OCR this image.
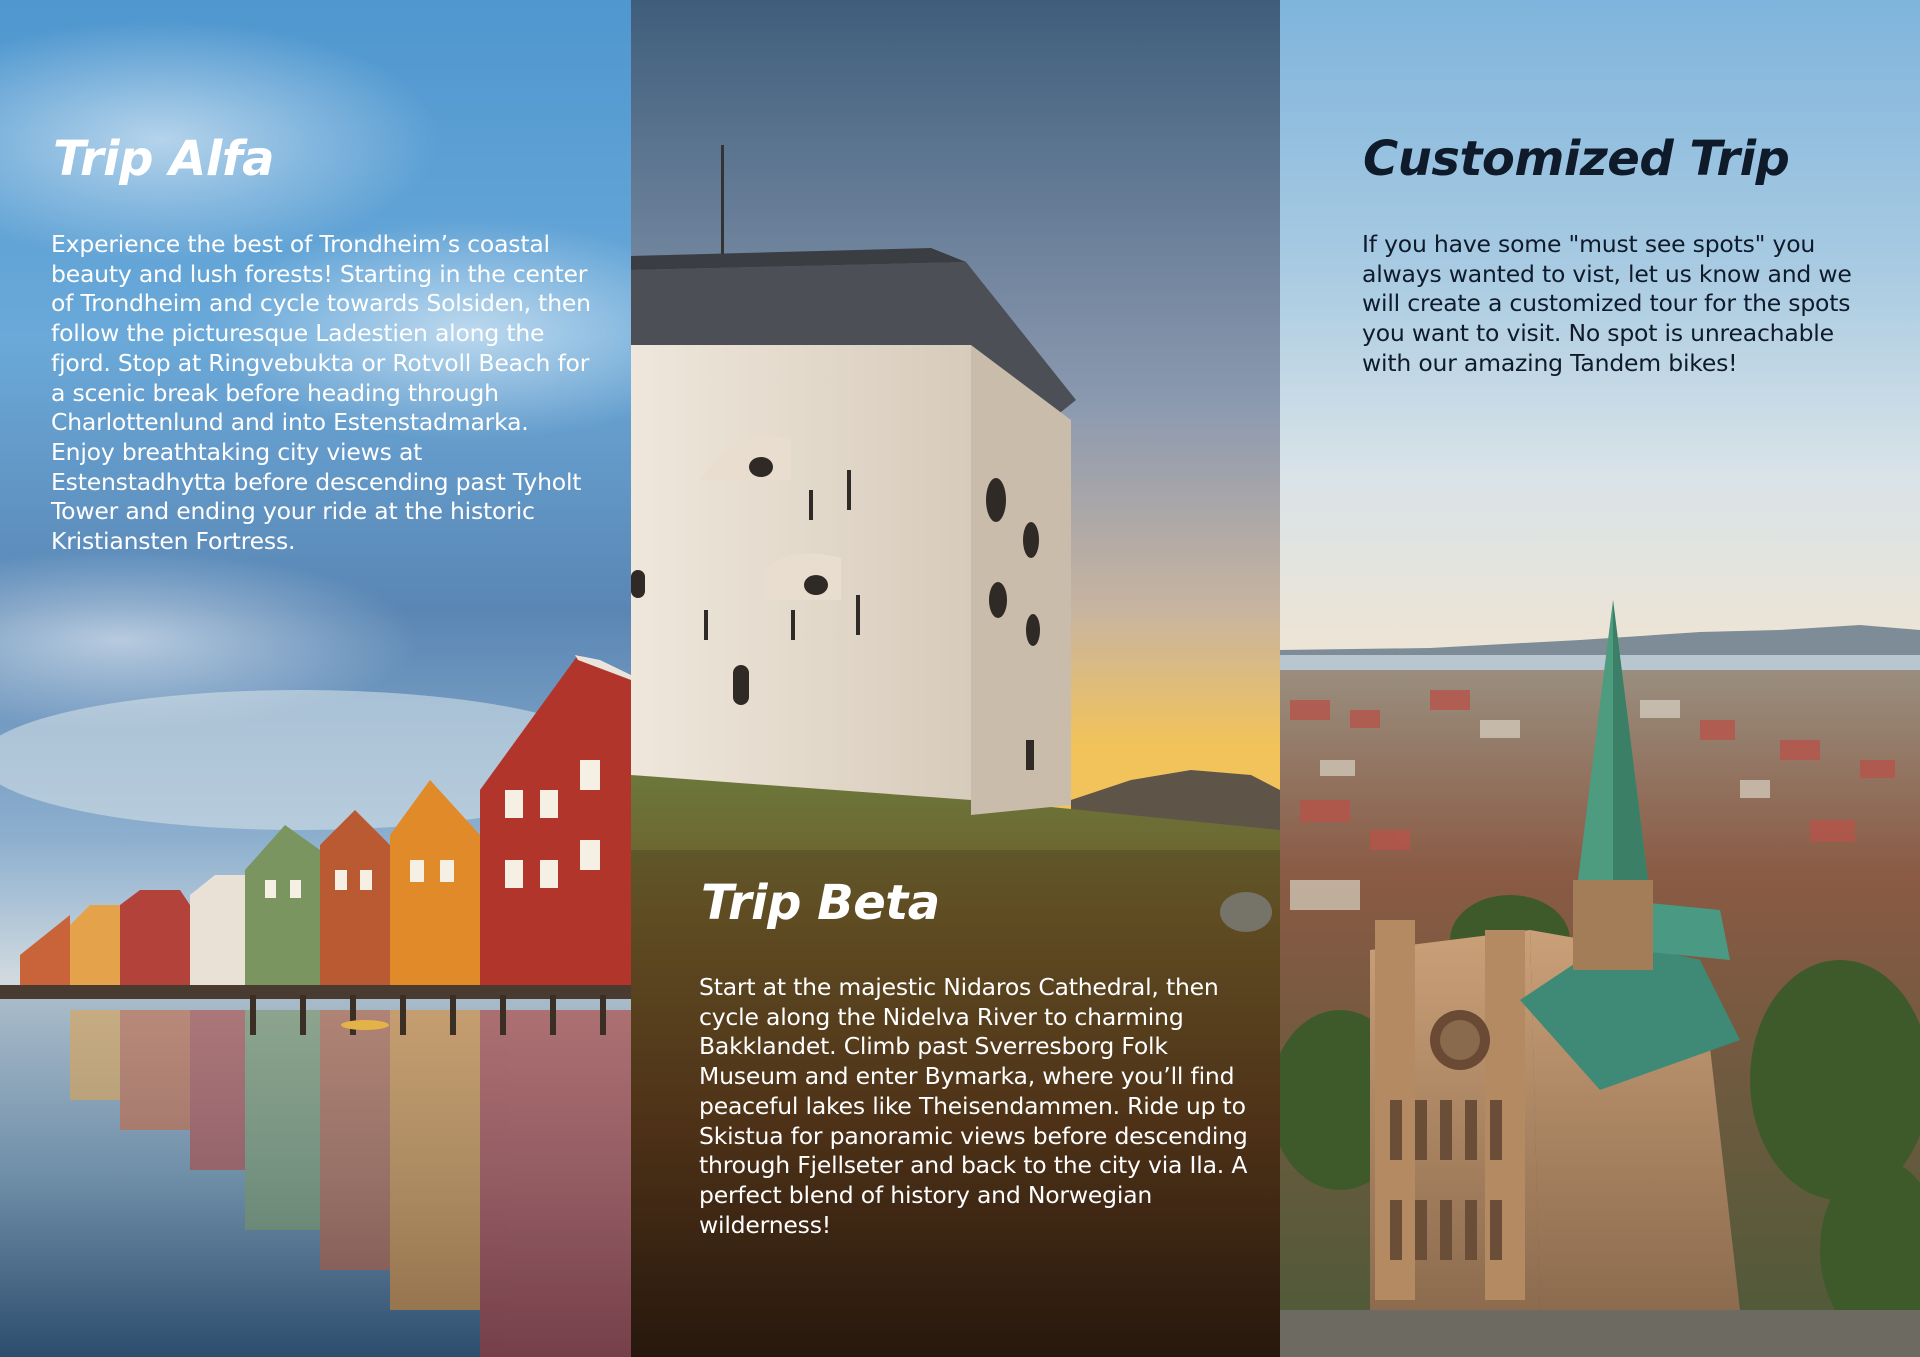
Trip Alfa

Experience the best of Trondheim’s coastal beauty and lush forests! Starting in the center of Trondheim and cycle towards Solsiden, then follow the picturesque Ladestien along the fjord. Stop at Ringvebukta or Rotvoll Beach for a scenic break before heading through Charlottenlund and into Estenstadmarka. Enjoy breathtaking city views at Estenstadhytta before descending past Tyholt Tower and ending your ride at the historic Kristiansten Fortress.

Trip Beta

Start at the majestic Nidaros Cathedral, then cycle along the Nidelva River to charming Bakklandet. Climb past Sverresborg Folk Museum and enter Bymarka, where you’ll find peaceful lakes like Theisendammen. Ride up to Skistua for panoramic views before descending through Fjellseter and back to the city via Ila. A perfect blend of history and Norwegian wilderness!

Customized Trip

If you have some "must see spots" you always wanted to vist, let us know and we will create a customized tour for the spots you want to visit. No spot is unreachable with our amazing Tandem bikes!
